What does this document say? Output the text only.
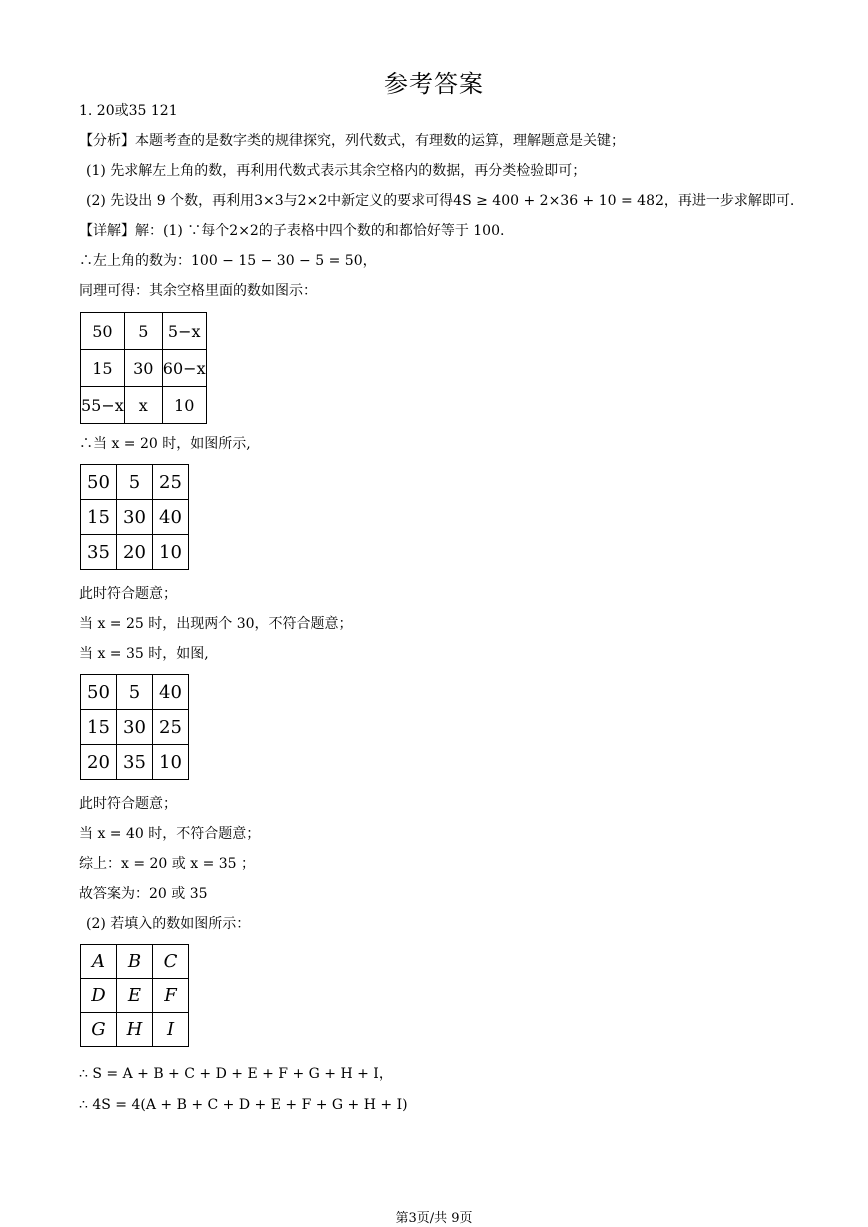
参考答案
1. 20或35 121
【分析】本题考查的是数字类的规律探究，列代数式，有理数的运算，理解题意是关键；
(1) 先求解左上角的数，再利用代数式表示其余空格内的数据，再分类检验即可；
(2) 先设出 9 个数，再利用3×3与2×2中新定义的要求可得4S ≥ 400 + 2×36 + 10 = 482，再进一步求解即可.
【详解】解：(1) ∵每个2×2的子表格中四个数的和都恰好等于 100.
∴左上角的数为：100 − 15 − 30 − 5 = 50，
同理可得：其余空格里面的数如图示：
50	5	5−x
15	30	60−x
55−x	x	10
∴当 x = 20 时，如图所示,
50	5	25
15	30	40
35	20	10
此时符合题意；
当 x = 25 时，出现两个 30，不符合题意；
当 x = 35 时，如图,
50	5	40
15	30	25
20	35	10
此时符合题意；
当 x = 40 时，不符合题意；
综上：x = 20 或 x = 35 ；
故答案为：20 或 35
(2) 若填入的数如图所示：
A	B	C
D	E	F
G	H	I
∴ S = A + B + C + D + E + F + G + H + I，
∴ 4S = 4(A + B + C + D + E + F + G + H + I)
第3页/共 9页
